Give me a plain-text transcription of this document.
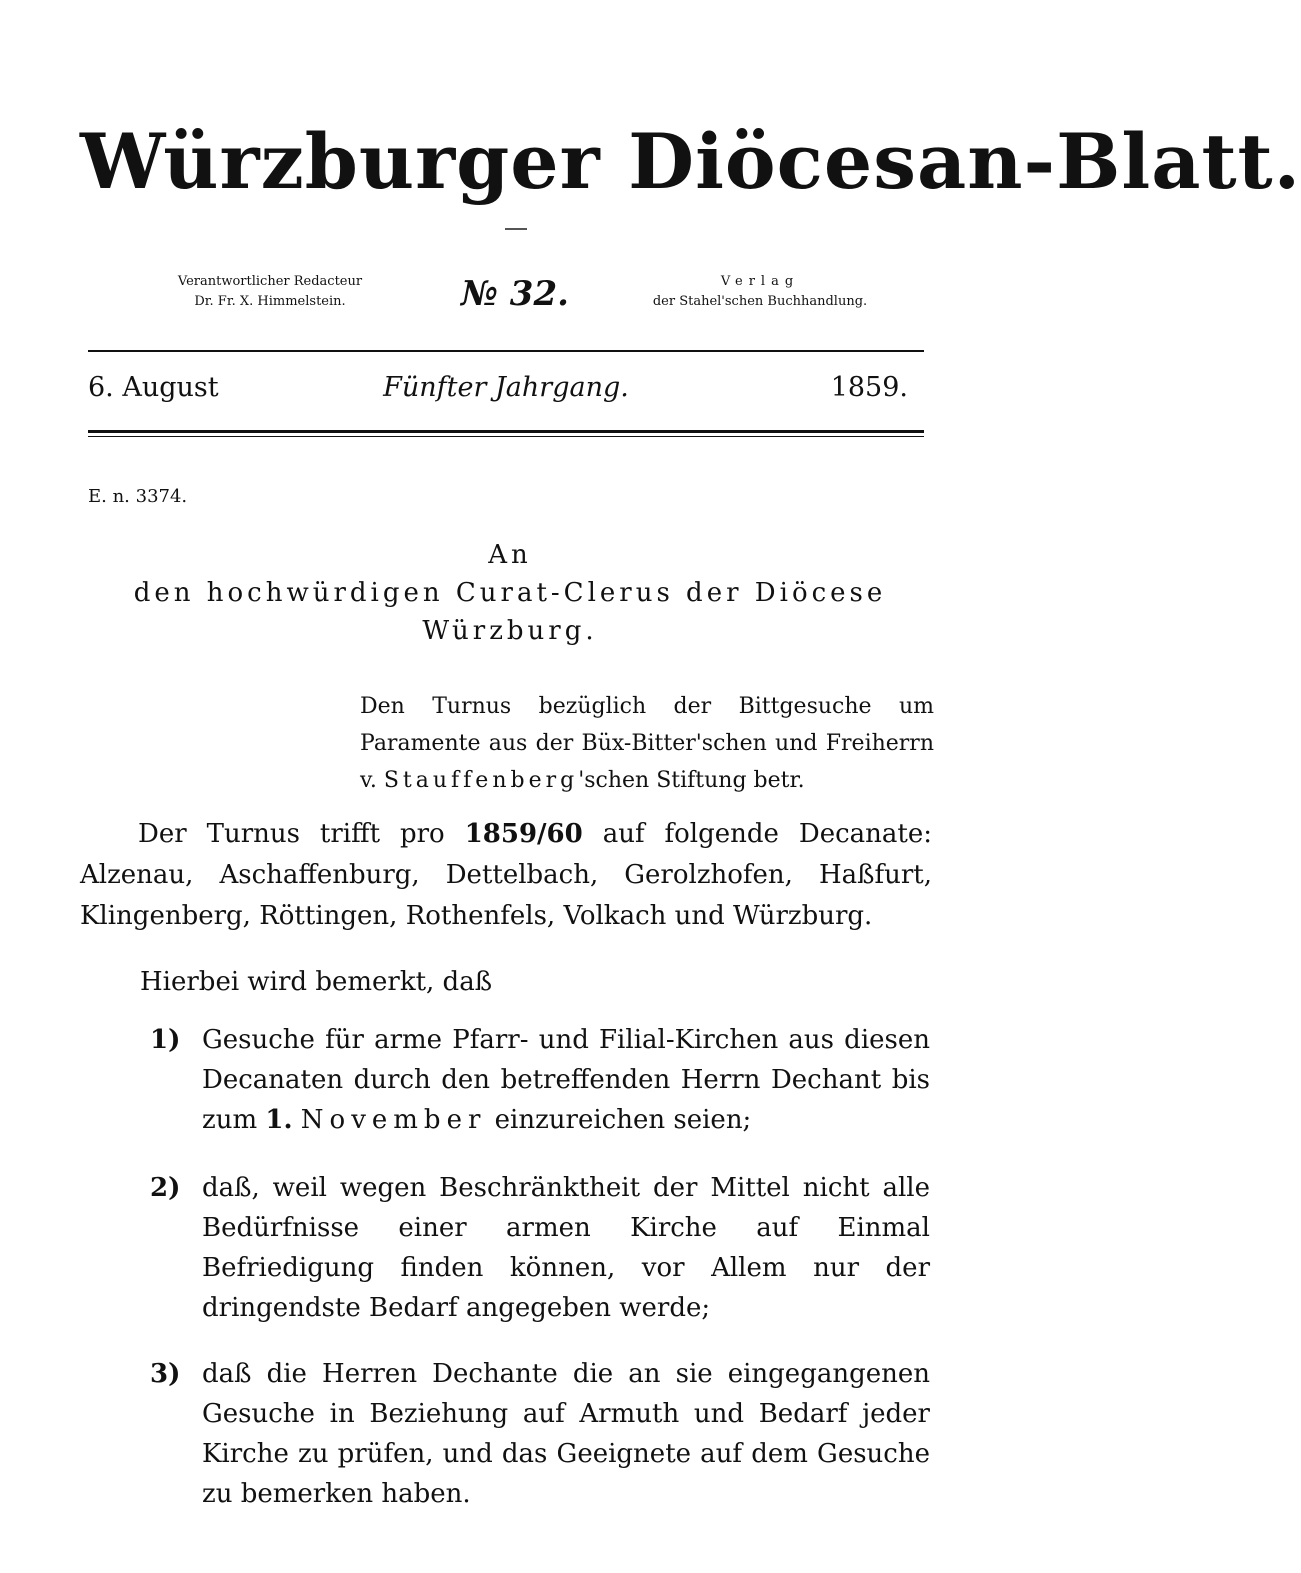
Würzburger Diöcesan-Blatt.
Verantwortlicher Redacteur
Dr. Fr. X. Himmelstein.	№ 32.	Verlag
der Stahel'schen Buchhandlung.
6. August	Fünfter Jahrgang.	1859.
E. n. 3374.
An
den hochwürdigen Curat-Clerus der Diöcese
Würzburg.
Den Turnus bezüglich der Bittgesuche um Paramente aus der Büx-Bitter'schen und Freiherrn v. Stauffenberg'schen Stiftung betr.
Der Turnus trifft pro 1859/60 auf folgende Decanate: Alzenau, Aschaffenburg, Dettelbach, Gerolzhofen, Haßfurt, Klingenberg, Röttingen, Rothenfels, Volkach und Würzburg.
Hierbei wird bemerkt, daß
1) Gesuche für arme Pfarr- und Filial-Kirchen aus diesen Decanaten durch den betreffenden Herrn Dechant bis zum 1. November einzureichen seien;
2) daß, weil wegen Beschränktheit der Mittel nicht alle Bedürfnisse einer armen Kirche auf Einmal Befriedigung finden können, vor Allem nur der dringendste Bedarf angegeben werde;
3) daß die Herren Dechante die an sie eingegangenen Gesuche in Beziehung auf Armuth und Bedarf jeder Kirche zu prüfen, und das Geeignete auf dem Gesuche zu bemerken haben.
